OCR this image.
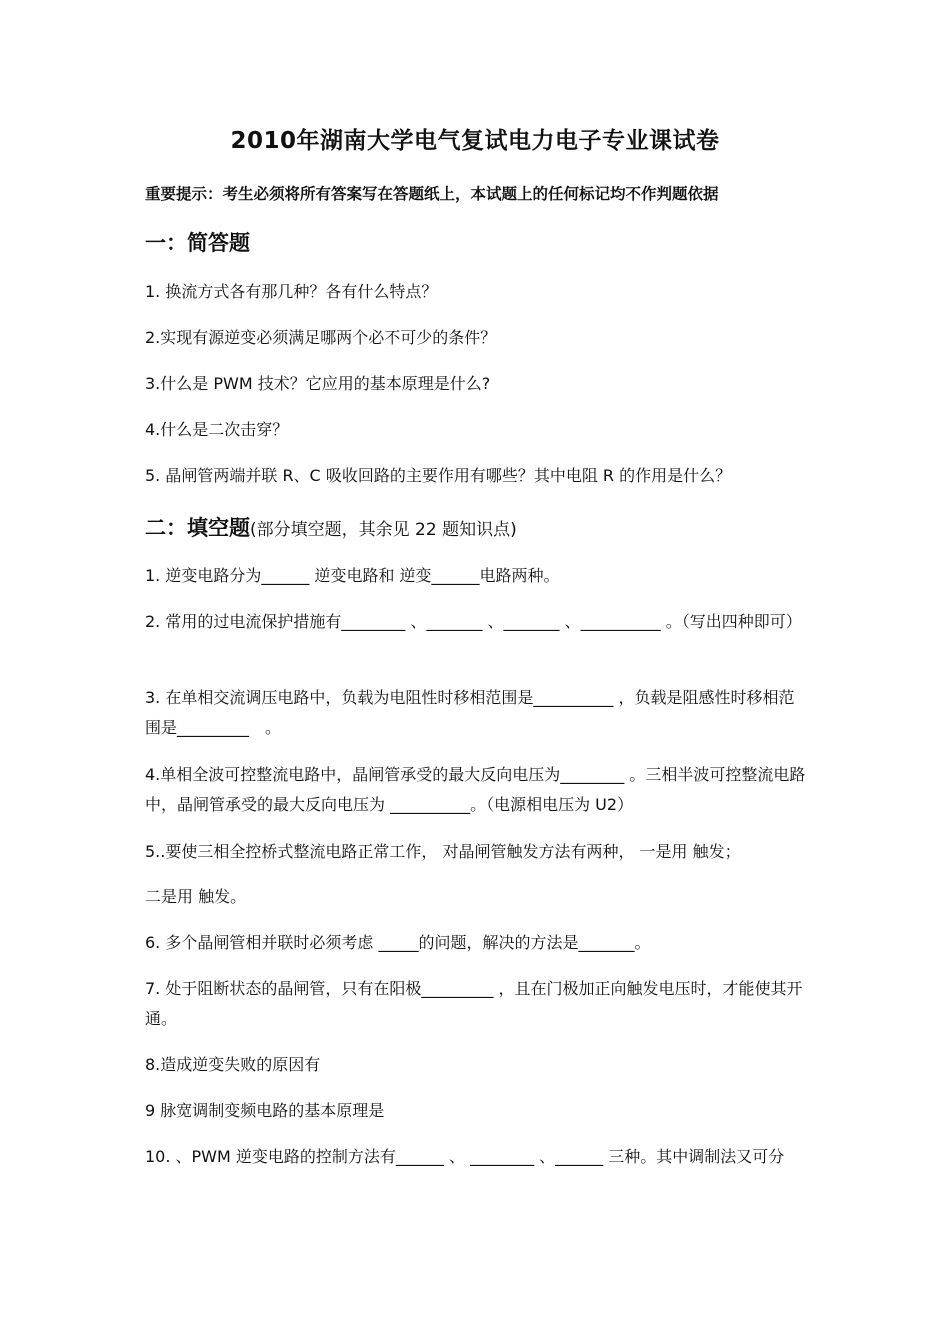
2010年湖南大学电气复试电力电子专业课试卷
重要提示：考生必须将所有答案写在答题纸上，本试题上的任何标记均不作判题依据
一：简答题
1. 换流方式各有那几种？各有什么特点？
2.实现有源逆变必须满足哪两个必不可少的条件？
3.什么是 PWM 技术？它应用的基本原理是什么?
4.什么是二次击穿？
5. 晶闸管两端并联 R、C 吸收回路的主要作用有哪些？其中电阻 R 的作用是什么？
二：填空题(部分填空题，其余见 22 题知识点)
1. 逆变电路分为______ 逆变电路和 逆变______电路两种。
2. 常用的过电流保护措施有________ 、_______ 、_______ 、__________ 。（写出四种即可）
3. 在单相交流调压电路中，负载为电阻性时移相范围是__________ ，负载是阻感性时移相范围是_________　。
4.单相全波可控整流电路中，晶闸管承受的最大反向电压为________ 。三相半波可控整流电路中，晶闸管承受的最大反向电压为 __________。（电源相电压为 U2）
5..要使三相全控桥式整流电路正常工作， 对晶闸管触发方法有两种， 一是用 触发；
二是用 触发。
6. 多个晶闸管相并联时必须考虑 _____的问题，解决的方法是_______。
7. 处于阻断状态的晶闸管，只有在阳极_________ ，且在门极加正向触发电压时，才能使其开通。
8.造成逆变失败的原因有
9 脉宽调制变频电路的基本原理是
10. 、PWM 逆变电路的控制方法有______ 、 ________ 、______ 三种。其中调制法又可分
